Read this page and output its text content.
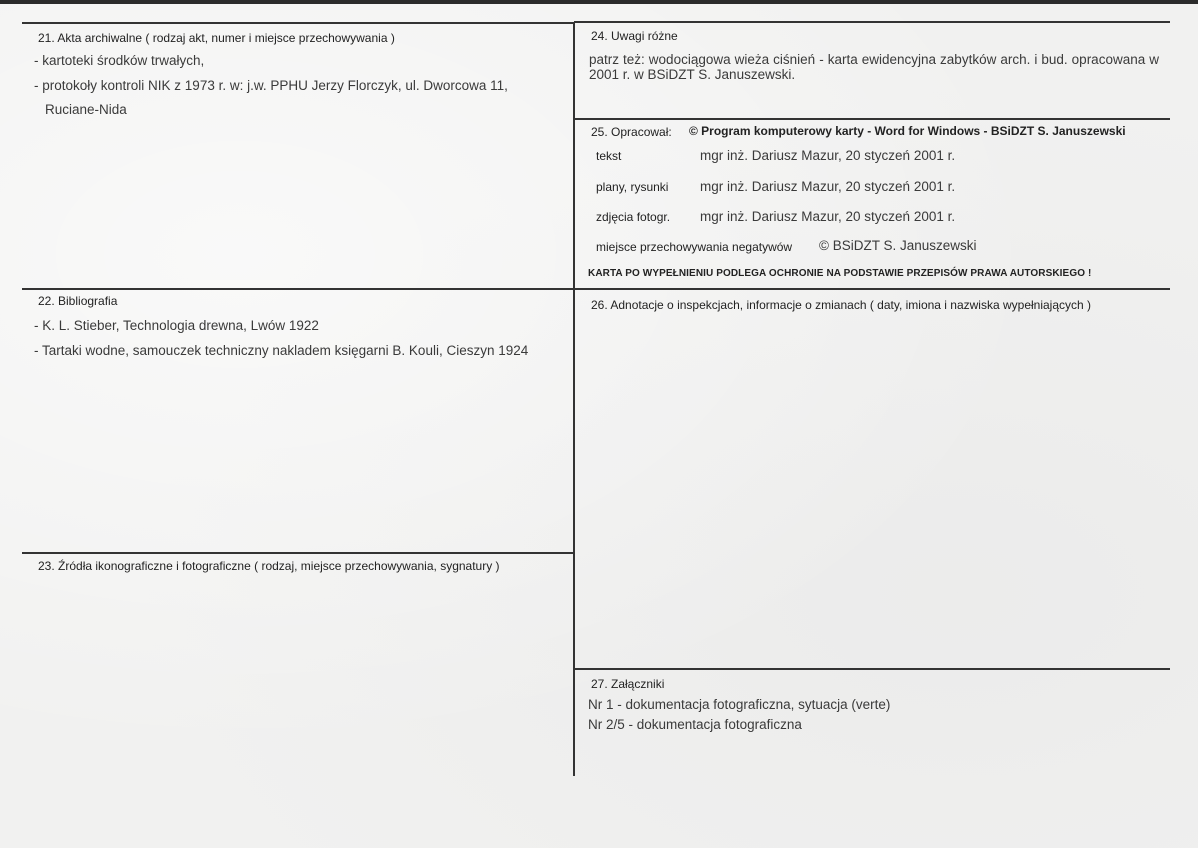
21. Akta archiwalne ( rodzaj akt, numer i miejsce przechowywania )
- kartoteki środków trwałych,
- protokoły kontroli NIK z 1973 r. w: j.w. PPHU Jerzy Florczyk, ul. Dworcowa 11,
Ruciane-Nida
22. Bibliografia
- K. L. Stieber, Technologia drewna, Lwów 1922
- Tartaki wodne, samouczek techniczny nakladem księgarni B. Kouli, Cieszyn 1924
23. Źródła ikonograficzne i fotograficzne ( rodzaj, miejsce przechowywania, sygnatury )
24. Uwagi różne
patrz też: wodociągowa wieża ciśnień - karta ewidencyjna zabytków arch. i bud. opracowana w 2001 r. w BSiDZT S. Januszewski.
25. Opracował: © Program komputerowy karty - Word for Windows - BSiDZT S. Januszewski
tekst	mgr inż. Dariusz Mazur, 20 styczeń 2001 r.
plany, rysunki mgr inż. Dariusz Mazur, 20 styczeń 2001 r.
zdjęcia fotogr. mgr inż. Dariusz Mazur, 20 styczeń 2001 r.
miejsce przechowywania negatywów © BSiDZT S. Januszewski
KARTA PO WYPEŁNIENIU PODLEGA OCHRONIE NA PODSTAWIE PRZEPISÓW PRAWA AUTORSKIEGO !
26. Adnotacje o inspekcjach, informacje o zmianach ( daty, imiona i nazwiska wypełniających )
27. Załączniki
Nr 1 - dokumentacja fotograficzna, sytuacja (verte)
Nr 2/5 - dokumentacja fotograficzna
